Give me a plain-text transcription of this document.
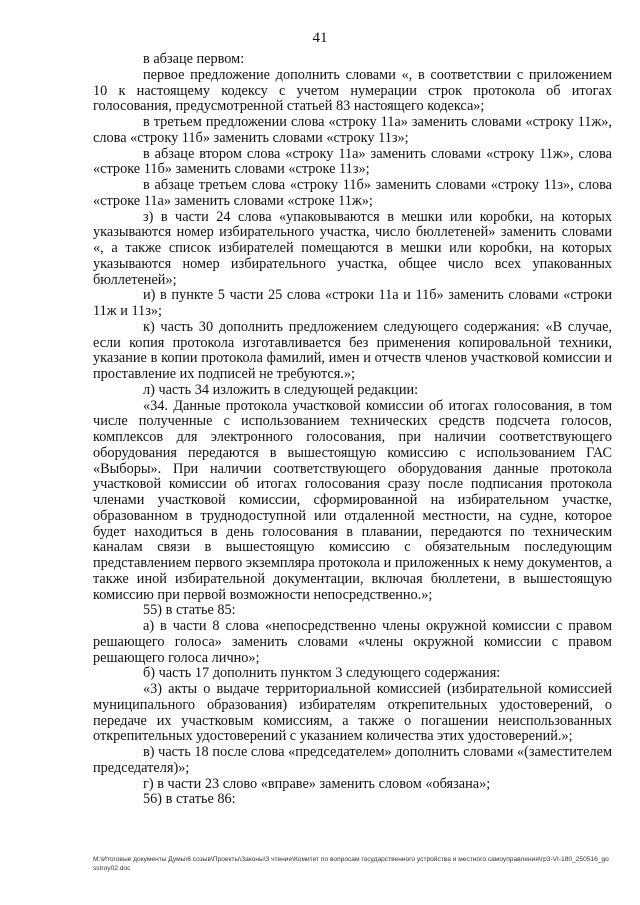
41

в абзаце первом:

первое предложение дополнить словами «, в соответствии с приложением 10 к настоящему кодексу с учетом нумерации строк протокола об итогах голосования, предусмотренной статьей 83 настоящего кодекса»;

в третьем предложении слова «строку 11а» заменить словами «строку 11ж», слова «строку 11б» заменить словами «строку 11з»;

в абзаце втором слова «строку 11а» заменить словами «строку 11ж», слова «строке 11б» заменить словами «строке 11з»;

в абзаце третьем слова «строку 11б» заменить словами «строку 11з», слова «строке 11а» заменить словами «строке 11ж»;

з) в части 24 слова «упаковываются в мешки или коробки, на которых указываются номер избирательного участка, число бюллетеней» заменить словами «, а также список избирателей помещаются в мешки или коробки, на которых указываются номер избирательного участка, общее число всех упакованных бюллетеней»;

и) в пункте 5 части 25 слова «строки 11а и 11б» заменить словами «строки 11ж и 11з»;

к) часть 30 дополнить предложением следующего содержания: «В случае, если копия протокола изготавливается без применения копировальной техники, указание в копии протокола фамилий, имен и отчеств членов участковой комиссии и проставление их подписей не требуются.»;

л) часть 34 изложить в следующей редакции:

«34. Данные протокола участковой комиссии об итогах голосования, в том числе полученные с использованием технических средств подсчета голосов, комплексов для электронного голосования, при наличии соответствующего оборудования передаются в вышестоящую комиссию с использованием ГАС «Выборы». При наличии соответствующего оборудования данные протокола участковой комиссии об итогах голосования сразу после подписания протокола членами участковой комиссии, сформированной на избирательном участке, образованном в труднодоступной или отдаленной местности, на судне, которое будет находиться в день голосования в плавании, передаются по техническим каналам связи в вышестоящую комиссию с обязательным последующим представлением первого экземпляра протокола и приложенных к нему документов, а также иной избирательной документации, включая бюллетени, в вышестоящую комиссию при первой возможности непосредственно.»;

55) в статье 85:

а) в части 8 слова «непосредственно члены окружной комиссии с правом решающего голоса» заменить словами «члены окружной комиссии с правом решающего голоса лично»;

б) часть 17 дополнить пунктом 3 следующего содержания:

«3) акты о выдаче территориальной комиссией (избирательной комиссией муниципального образования) избирателям открепительных удостоверений, о передаче их участковым комиссиям, а также о погашении неиспользованных открепительных удостоверений с указанием количества этих удостоверений.»;

в) часть 18 после слова «председателем» дополнить словами «(заместителем председателя)»;

г) в части 23 слово «вправе» заменить словом «обязана»;

56) в статье 86:

M:\Итоговые документы Думы\6 созыв\Проекты\Законы\3 чтение\Комитет по вопросам государственного устройства и местного самоуправления\гр3-VI-180_250516_gosstroy02.doc
